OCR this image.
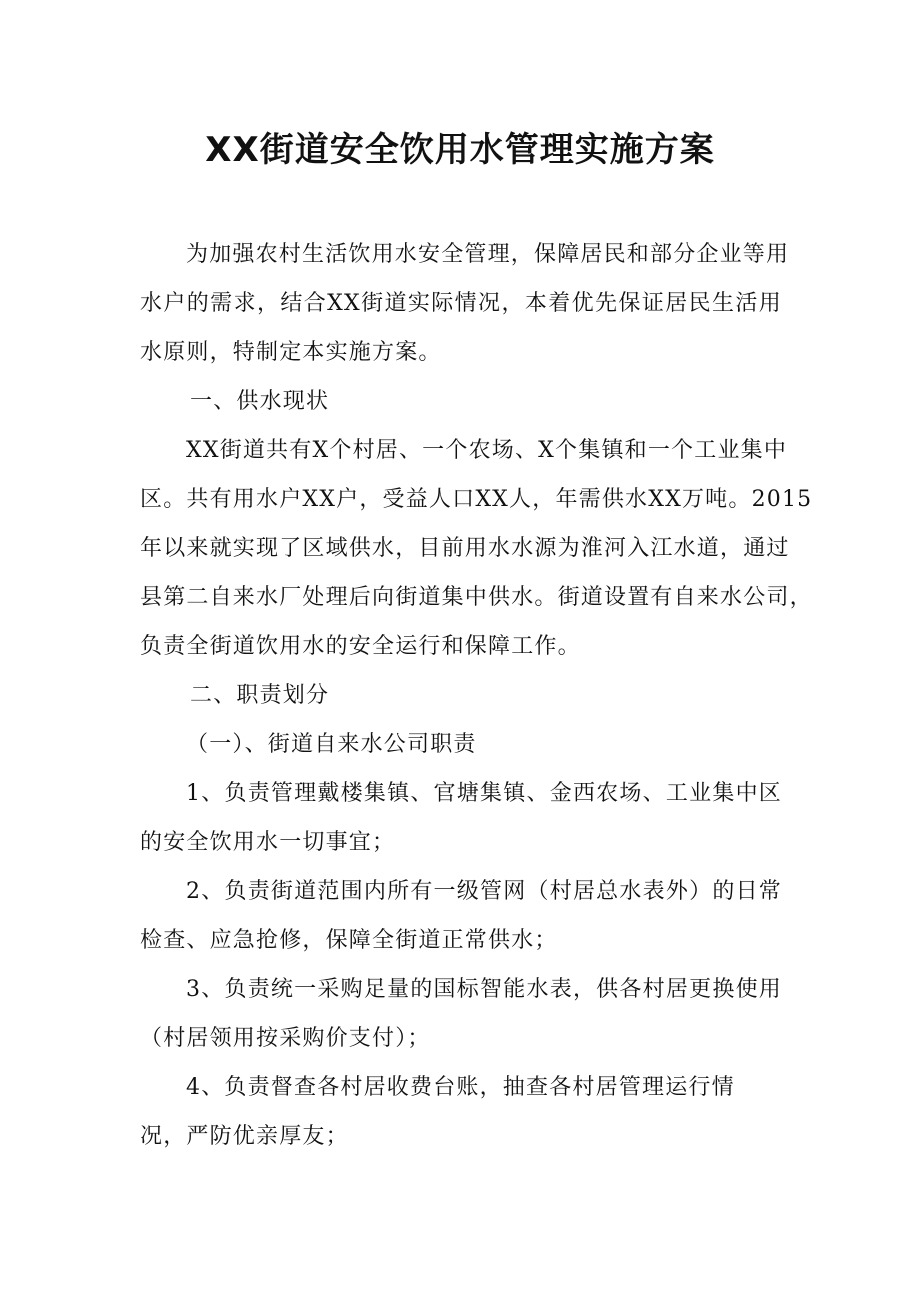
XX街道安全饮用水管理实施方案
为加强农村生活饮用水安全管理，保障居民和部分企业等用
水户的需求，结合XX街道实际情况，本着优先保证居民生活用
水原则，特制定本实施方案。
一、供水现状
XX街道共有X个村居、一个农场、X个集镇和一个工业集中
区。共有用水户XX户，受益人口XX人，年需供水XX万吨。2015
年以来就实现了区域供水，目前用水水源为淮河入江水道，通过
县第二自来水厂处理后向街道集中供水。街道设置有自来水公司，
负责全街道饮用水的安全运行和保障工作。
二、职责划分
（一）、街道自来水公司职责
1、负责管理戴楼集镇、官塘集镇、金西农场、工业集中区
的安全饮用水一切事宜；
2、负责街道范围内所有一级管网（村居总水表外）的日常
检查、应急抢修，保障全街道正常供水；
3、负责统一采购足量的国标智能水表，供各村居更换使用
（村居领用按采购价支付）；
4、负责督查各村居收费台账，抽查各村居管理运行情
况，严防优亲厚友；
